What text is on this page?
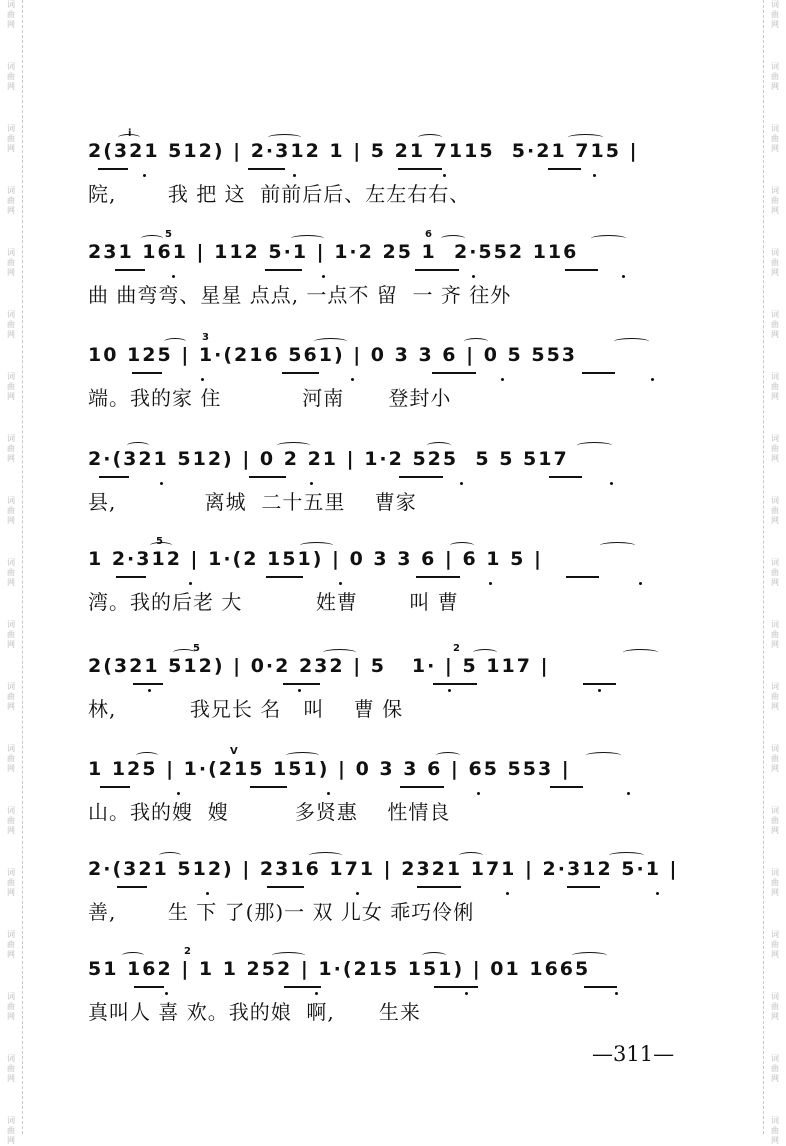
词
曲
网
词
曲
网
词
曲
网
词
曲
网
词
曲
网
词
曲
网
词
曲
网
词
曲
网
词
曲
网
词
曲
网
词
曲
网
词
曲
网
词
曲
网
词
曲
网
词
曲
网
词
曲
网
词
曲
网
词
曲
网
词
曲
网
词
曲
网
词
曲
网
词
曲
网
词
曲
网
词
曲
网
词
曲
网
词
曲
网
词
曲
网
词
曲
网
词
曲
网
词
曲
网
词
曲
网
词
曲
网
词
曲
网
词
曲
网
词
曲
网
词
曲
网
词
曲
网
词
曲
网
2(321 512) | 2·312 1 | 5 21 7115  5·21 715 |
院,       我 把 这  前前后后、左左右右、
i
231 161 | 112 5·1 | 1·2 25 1  2·552 116
曲 曲弯弯、星星 点点, 一点不 留  一 齐 往外
5	6
10 125 | 1·(216 561) | 0 3 3 6 | 0 5 553
端。我的家 住           河南      登封小
3
2·(321 512) | 0 2 21 | 1·2 525  5 5 517
县,            离城  二十五里    曹家
1 2·312 | 1·(2 151) | 0 3 3 6 | 6 1 5 |
湾。我的后老 大          姓曹       叫 曹
5
2(321 512) | 0·2 232 | 5   1· | 5 117 |
林,          我兄长 名   叫    曹 保
5	2
1 125 | 1·(215 151) | 0 3 3 6 | 65 553 |
山。我的嫂  嫂         多贤惠    性情良
V
2·(321 512) | 2316 171 | 2321 171 | 2·312 5·1 |
善,       生 下 了(那)一 双 儿女 乖巧伶俐
51 162 | 1 1 252 | 1·(215 151) | 01 1665
真叫人 喜 欢。我的娘  啊,      生来
2
—311—
